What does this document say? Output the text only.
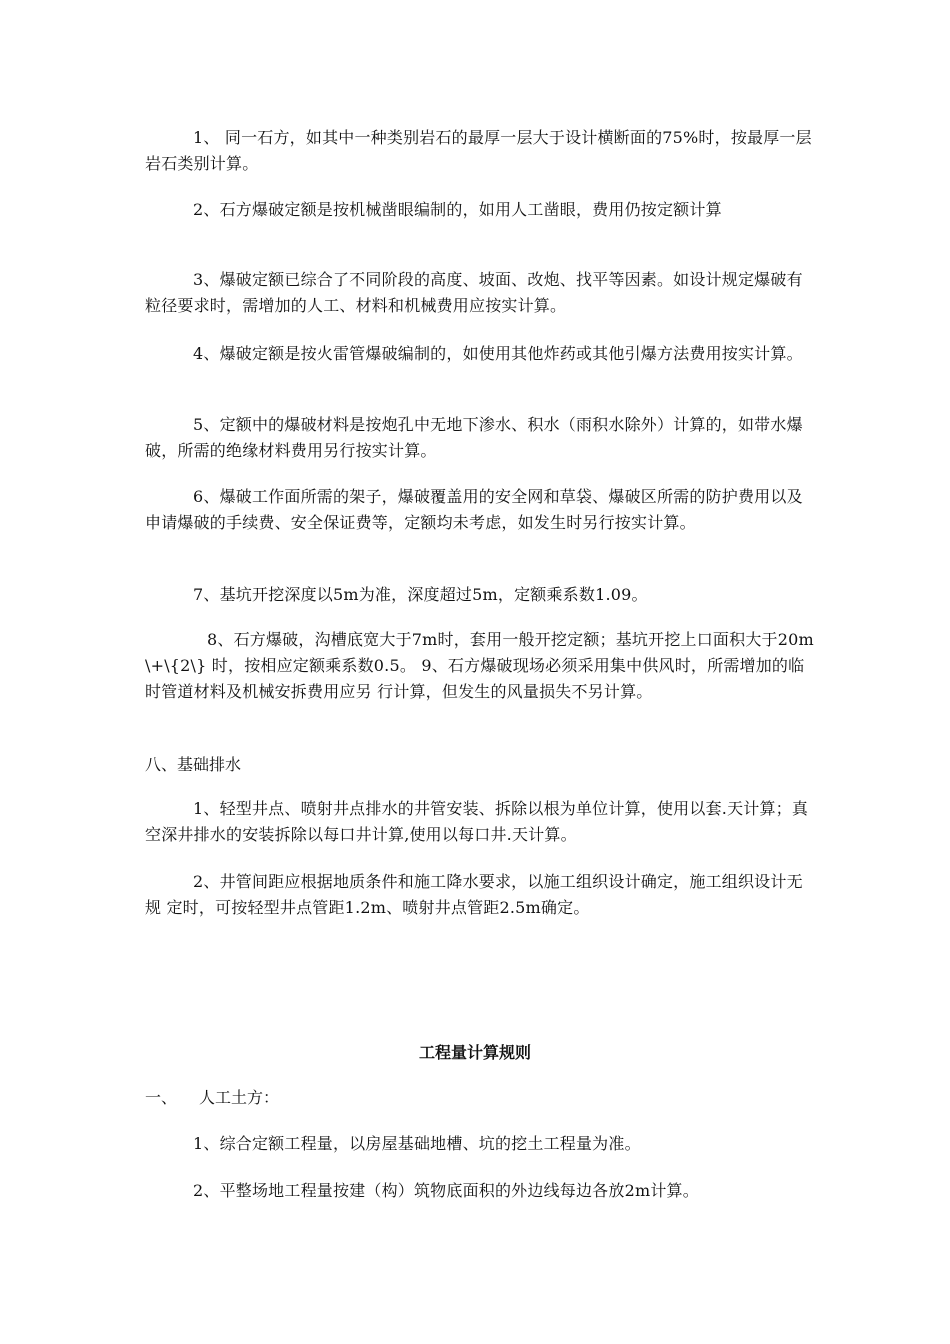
1、 同一石方，如其中一种类别岩石的最厚一层大于设计横断面的75%时，按最厚一层 岩石类别计算。

2、石方爆破定额是按机械凿眼编制的，如用人工凿眼，费用仍按定额计算

3、爆破定额已综合了不同阶段的高度、坡面、改炮、找平等因素。如设计规定爆破有 粒径要求时，需增加的人工、材料和机械费用应按实计算。

4、爆破定额是按火雷管爆破编制的，如使用其他炸药或其他引爆方法费用按实计算。

5、定额中的爆破材料是按炮孔中无地下渗水、积水（雨积水除外）计算的，如带水爆 破，所需的绝缘材料费用另行按实计算。

6、爆破工作面所需的架子，爆破覆盖用的安全网和草袋、爆破区所需的防护费用以及 申请爆破的手续费、安全保证费等，定额均未考虑，如发生时另行按实计算。

7、基坑开挖深度以5m为准，深度超过5m，定额乘系数1.09。

8、石方爆破，沟槽底宽大于7m时，套用一般开挖定额；基坑开挖上口面积大于20m\+\{2\} 时，按相应定额乘系数0.5。 9、石方爆破现场必须采用集中供风时，所需增加的临时管道材料及机械安拆费用应另 行计算，但发生的风量损失不另计算。

八、基础排水

1、轻型井点、喷射井点排水的井管安装、拆除以根为单位计算，使用以套.天计算；真 空深井排水的安装拆除以每口井计算,使用以每口井.天计算。

2、井管间距应根据地质条件和施工降水要求，以施工组织设计确定，施工组织设计无规 定时，可按轻型井点管距1.2m、喷射井点管距2.5m确定。

工程量计算规则
一、 人工土方：

1、综合定额工程量，以房屋基础地槽、坑的挖土工程量为准。

2、平整场地工程量按建（构）筑物底面积的外边线每边各放2m计算。
